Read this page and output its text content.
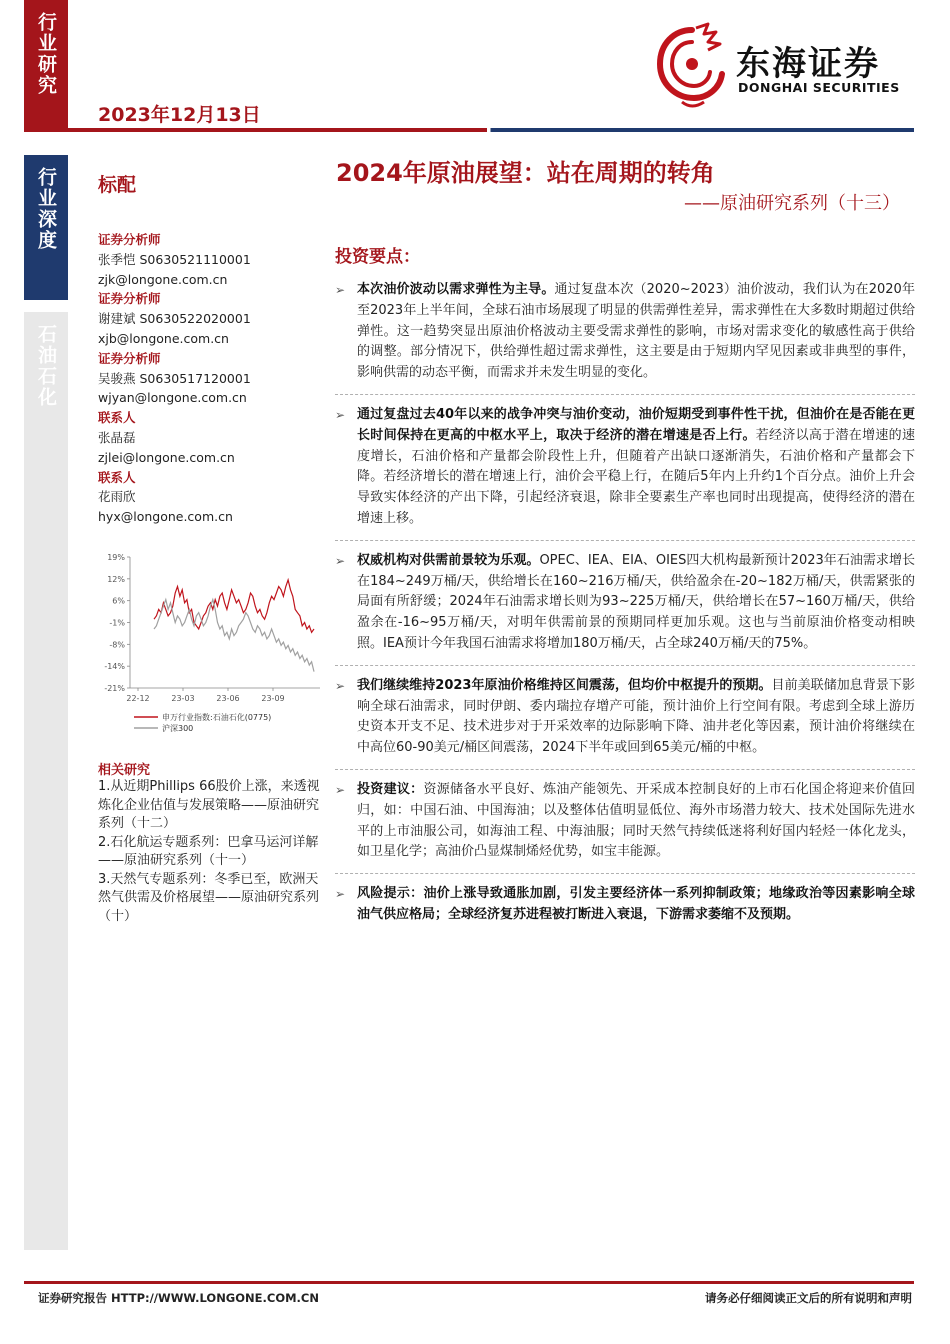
行业研究
行业深度
石油石化
2023年12月13日
东海证券
DONGHAI SECURITIES
标配
证券分析师
张季恺 S0630521110001
zjk@longone.com.cn
证券分析师
谢建斌 S0630522020001
xjb@longone.com.cn
证券分析师
吴骏燕 S0630517120001
wjyan@longone.com.cn
联系人
张晶磊
zjlei@longone.com.cn
联系人
花雨欣
hyx@longone.com.cn
19%
12%
6%
-1%
-8%
-14%
-21%
22-12	23-03	23-06	23-09
申万行业指数:石油石化(0775)
沪深300
相关研究

1.从近期Phillips 66股价上涨，来透视炼化企业估值与发展策略——原油研究系列（十二）

2.石化航运专题系列：巴拿马运河详解——原油研究系列（十一）

3.天然气专题系列：冬季已至，欧洲天然气供需及价格展望——原油研究系列（十）

2024年原油展望：站在周期的转角
——原油研究系列（十三）
投资要点：
➢ 本次油价波动以需求弹性为主导。通过复盘本次（2020~2023）油价波动，我们认为在2020年至2023年上半年间，全球石油市场展现了明显的供需弹性差异，需求弹性在大多数时期超过供给弹性。这一趋势突显出原油价格波动主要受需求弹性的影响，市场对需求变化的敏感性高于供给的调整。部分情况下，供给弹性超过需求弹性，这主要是由于短期内罕见因素或非典型的事件，影响供需的动态平衡，而需求并未发生明显的变化。
➢ 通过复盘过去40年以来的战争冲突与油价变动，油价短期受到事件性干扰，但油价在是否能在更长时间保持在更高的中枢水平上，取决于经济的潜在增速是否上行。若经济以高于潜在增速的速度增长，石油价格和产量都会阶段性上升，但随着产出缺口逐渐消失，石油价格和产量都会下降。若经济增长的潜在增速上行，油价会平稳上行，在随后5年内上升约1个百分点。油价上升会导致实体经济的产出下降，引起经济衰退，除非全要素生产率也同时出现提高，使得经济的潜在增速上移。
➢ 权威机构对供需前景较为乐观。OPEC、IEA、EIA、OIES四大机构最新预计2023年石油需求增长在184~249万桶/天，供给增长在160~216万桶/天，供给盈余在-20~182万桶/天，供需紧张的局面有所舒缓；2024年石油需求增长则为93~225万桶/天，供给增长在57~160万桶/天，供给盈余在-16~95万桶/天，对明年供需前景的预期同样更加乐观。这也与当前原油价格变动相映照。IEA预计今年我国石油需求将增加180万桶/天，占全球240万桶/天的75%。
➢ 我们继续维持2023年原油价格维持区间震荡，但均价中枢提升的预期。目前美联储加息背景下影响全球石油需求，同时伊朗、委内瑞拉存增产可能，预计油价上行空间有限。考虑到全球上游历史资本开支不足、技术进步对于开采效率的边际影响下降、油井老化等因素，预计油价将继续在中高位60-90美元/桶区间震荡，2024下半年或回到65美元/桶的中枢。
➢ 投资建议：资源储备水平良好、炼油产能领先、开采成本控制良好的上市石化国企将迎来价值回归，如：中国石油、中国海油；以及整体估值明显低位、海外市场潜力较大、技术处国际先进水平的上市油服公司，如海油工程、中海油服；同时天然气持续低迷将利好国内轻烃一体化龙头，如卫星化学；高油价凸显煤制烯烃优势，如宝丰能源。
➢ 风险提示：油价上涨导致通胀加剧，引发主要经济体一系列抑制政策；地缘政治等因素影响全球油气供应格局；全球经济复苏进程被打断进入衰退，下游需求萎缩不及预期。
证券研究报告 HTTP://WWW.LONGONE.COM.CN	请务必仔细阅读正文后的所有说明和声明
